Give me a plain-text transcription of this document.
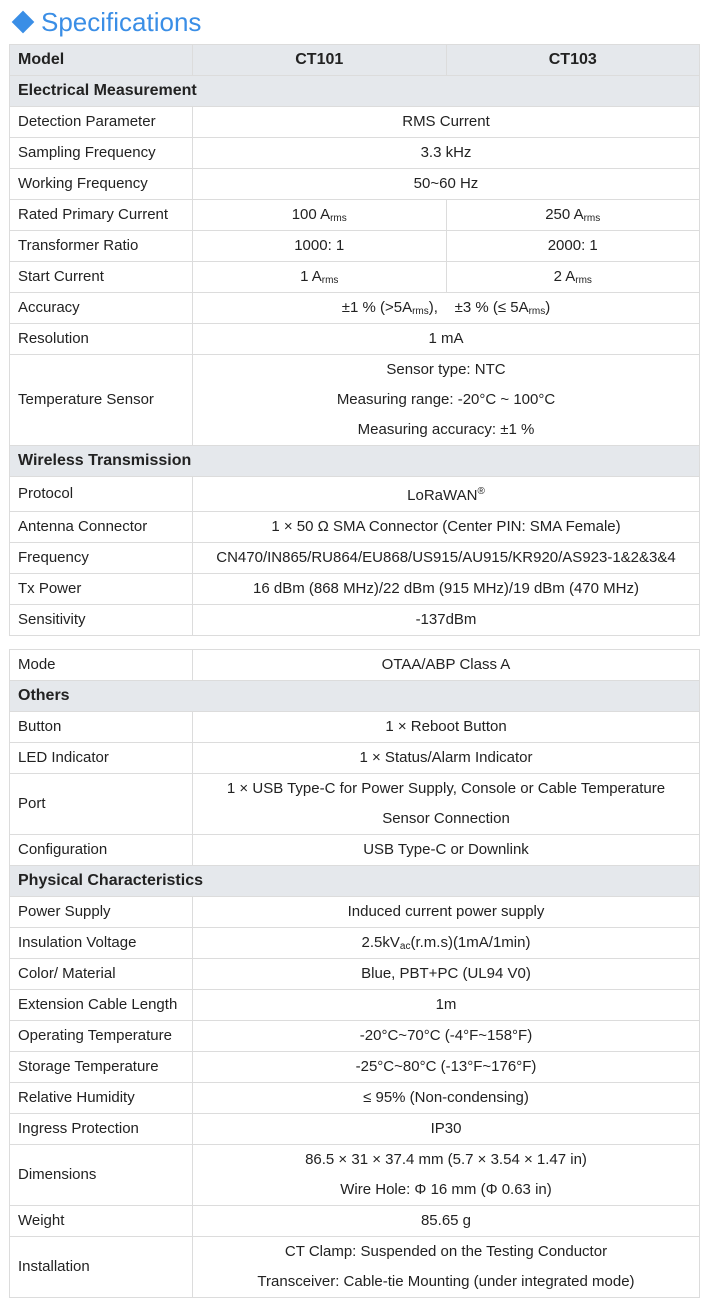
Specifications
Model	CT101	CT103
Electrical Measurement		
Detection Parameter	RMS Current	
Sampling Frequency	3.3 kHz	
Working Frequency	50~60 Hz	
Rated Primary Current	100 $A_{rms}$	250 $A_{rms}$
Transformer Ratio	1000: 1	2000: 1
Start Current	1 $A_{rms}$	2 $A_{rms}$
Accuracy	±1 % $(>5A_{rms})$,    ±3 % (≤ $5A_{rms}$)	
Resolution	1 mA	
Temperature Sensor	Sensor type: NTC
Measuring range: -20°C ~ 100°C
Measuring accuracy: ±1 %	

Wireless Transmission		
Protocol	LoRaWAN®
Antenna Connector	1 × 50 Ω SMA Connector (Center PIN: SMA Female)	
Frequency	CN470/IN865/RU864/EU868/US915/AU915/KR920/AS923-1&2&3&4	
Tx Power	16 dBm (868 MHz)/22 dBm (915 MHz)/19 dBm (470 MHz)	
Sensitivity	-137dBm	
Mode	OTAA/ABP Class A
Others	
Button	1 × Reboot Button
LED Indicator	1 × Status/Alarm Indicator
Port	1 × USB Type-C for Power Supply, Console or Cable Temperature
Sensor Connection

Configuration	USB Type-C or Downlink
Physical Characteristics	
Power Supply	Induced current power supply
Insulation Voltage	$2.5kV_{ac}(r.m.s)(1mA/1\min)$
Color/ Material	Blue, PBT+PC (UL94 V0)
Extension Cable Length	1m
Operating Temperature	-20°C~70°C (-4°F~158°F)
Storage Temperature	-25°C~80°C (-13°F~176°F)
Relative Humidity	≤ 95% (Non-condensing)
Ingress Protection	IP30
Dimensions	86.5 × 31 × 37.4 mm (5.7 × 3.54 × 1.47 in)
Wire Hole: Φ 16 mm (Φ 0.63 in)

Weight	85.65 g
Installation	CT Clamp: Suspended on the Testing Conductor
Transceiver: Cable-tie Mounting (under integrated mode)
